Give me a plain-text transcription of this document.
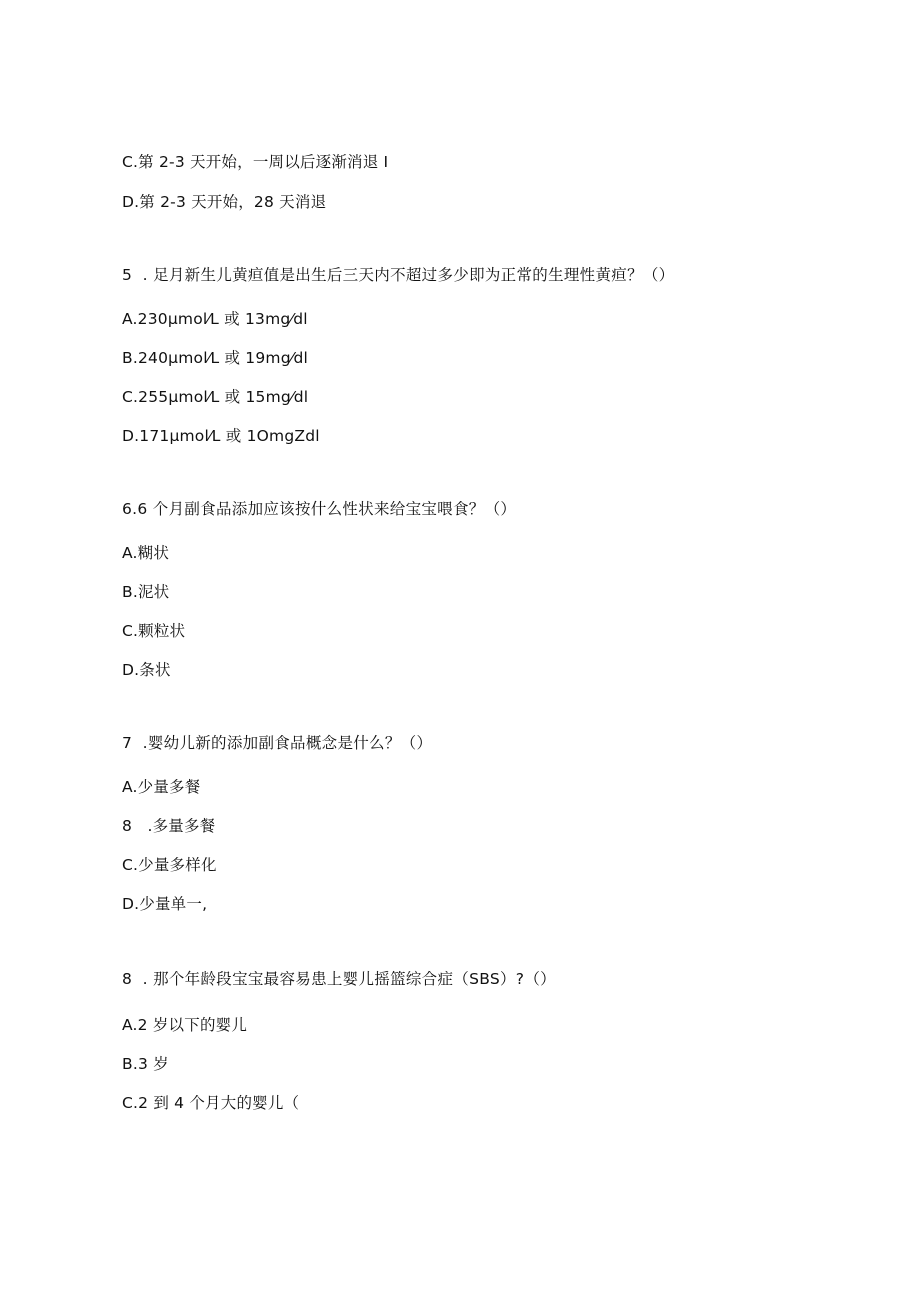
C.第 2-3 天开始，一周以后逐渐消退 I
D.第 2-3 天开始，28 天消退
5  . 足月新生儿黄疸值是出生后三天内不超过多少即为正常的生理性黄疸？（）
A.230μmol⁄L 或 13mg⁄dl
B.240μmol⁄L 或 19mg⁄dl
C.255μmol⁄L 或 15mg⁄dl
D.171μmol⁄L 或 1OmgZdl
6.6 个月副食品添加应该按什么性状来给宝宝喂食？（）
A.糊状
B.泥状
C.颗粒状
D.条状
7  .婴幼儿新的添加副食品概念是什么？（）
A.少量多餐
8   .多量多餐
C.少量多样化
D.少量单一,
8  . 那个年龄段宝宝最容易患上婴儿摇篮综合症（SBS）?（）
A.2 岁以下的婴儿
B.3 岁
C.2 到 4 个月大的婴儿（
